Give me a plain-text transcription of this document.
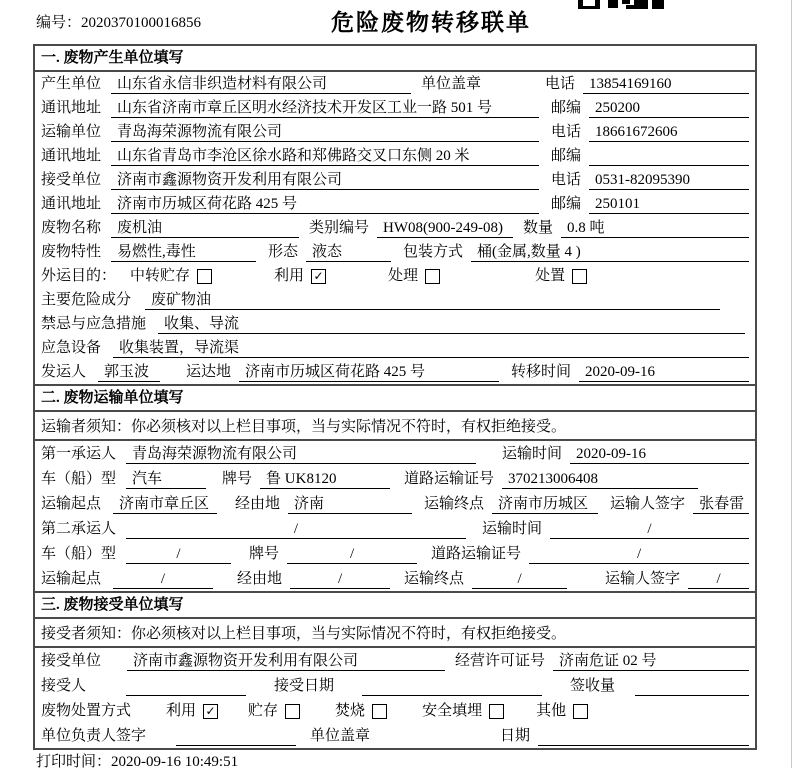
编号：2020370100016856	危险废物转移联单
一. 废物产生单位填写
产生单位	山东省永信非织造材料有限公司	单位盖章	电话 13854169160
通讯地址	山东省济南市章丘区明水经济技术开发区工业一路 501 号	邮编 250200
运输单位	青岛海荣源物流有限公司	电话 18661672606
通讯地址	山东省青岛市李沧区徐水路和郑佛路交叉口东侧 20 米	邮编
接受单位	济南市鑫源物资开发利用有限公司	电话 0531-82095390
通讯地址	济南市历城区荷花路 425 号	邮编 250101
废物名称	废机油	类别编号 HW08(900-249-08)	数量 0.8 吨
废物特性	易燃性,毒性	形态 液态	包装方式 桶(金属,数量 4 )
外运目的： 中转贮存	利用 ✓	处理	处置
主要危险成分	废矿物油
禁忌与应急措施	收集、导流
应急设备	收集装置，导流渠
发运人	郭玉波	运达地 济南市历城区荷花路 425 号	转移时间 2020-09-16
二. 废物运输单位填写
运输者须知：你必须核对以上栏目事项，当与实际情况不符时，有权拒绝接受。
第一承运人	青岛海荣源物流有限公司	运输时间 2020-09-16
车（船）型	汽车	牌号 鲁 UK8120	道路运输证号 370213006408
运输起点	济南市章丘区	经由地 济南	运输终点 济南市历城区	运输人签字 张春雷
第二承运人	/	运输时间	/
车（船）型	/	牌号	/	道路运输证号	/
运输起点	/	经由地	/	运输终点	/	运输人签字	/
三. 废物接受单位填写
接受者须知：你必须核对以上栏目事项，当与实际情况不符时，有权拒绝接受。
接受单位	济南市鑫源物资开发利用有限公司	经营许可证号 济南危证 02 号
接受人	接受日期	签收量
废物处置方式 利用 ✓ 贮存	焚烧	安全填埋	其他
单位负责人签字	单位盖章	日期
打印时间：2020-09-16 10:49:51
